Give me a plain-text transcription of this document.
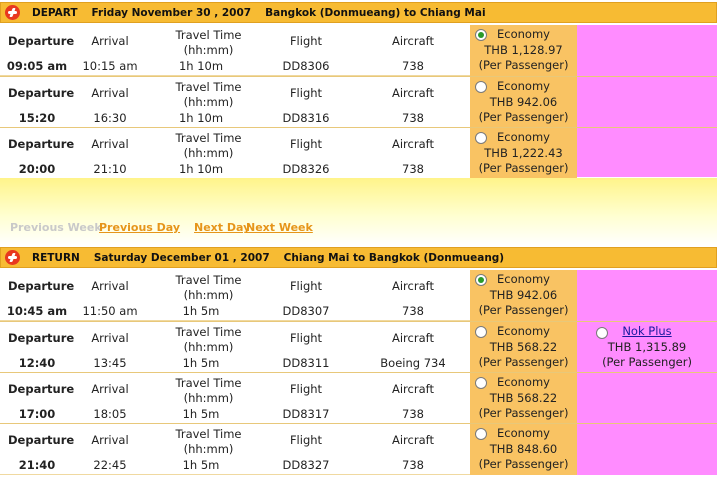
DEPART Friday November 30 , 2007 Bangkok (Donmueang) to Chiang Mai
Departure
09:05 am
Arrival
10:15 am
Travel Time (hh:mm)
1h 10m
Flight
DD8306
Aircraft
738
Economy
THB 1,128.97
(Per Passenger)
Departure
15:20
Arrival
16:30
Travel Time (hh:mm)
1h 10m
Flight
DD8316
Aircraft
738
Economy
THB 942.06
(Per Passenger)
Departure
20:00
Arrival
21:10
Travel Time (hh:mm)
1h 10m
Flight
DD8326
Aircraft
738
Economy
THB 1,222.43
(Per Passenger)
Previous Week
Previous Day Next Day
Next Week
RETURN Saturday December 01 , 2007 Chiang Mai to Bangkok (Donmueang)
Departure
10:45 am
Arrival
11:50 am
Travel Time (hh:mm)
1h 5m
Flight
DD8307
Aircraft
738
Economy
THB 942.06
(Per Passenger)
Departure
12:40
Arrival
13:45
Travel Time (hh:mm)
1h 5m
Flight
DD8311
Aircraft
Boeing 734
Economy
THB 568.22
(Per Passenger)
Departure
17:00
Arrival
18:05
Travel Time (hh:mm)
1h 5m
Flight
DD8317
Aircraft
738
Economy
THB 568.22
(Per Passenger)
Departure
21:40
Arrival
22:45
Travel Time (hh:mm)
1h 5m
Flight
DD8327
Aircraft
738
Economy
THB 848.60
(Per Passenger)
Nok Plus
THB 1,315.89
(Per Passenger)
